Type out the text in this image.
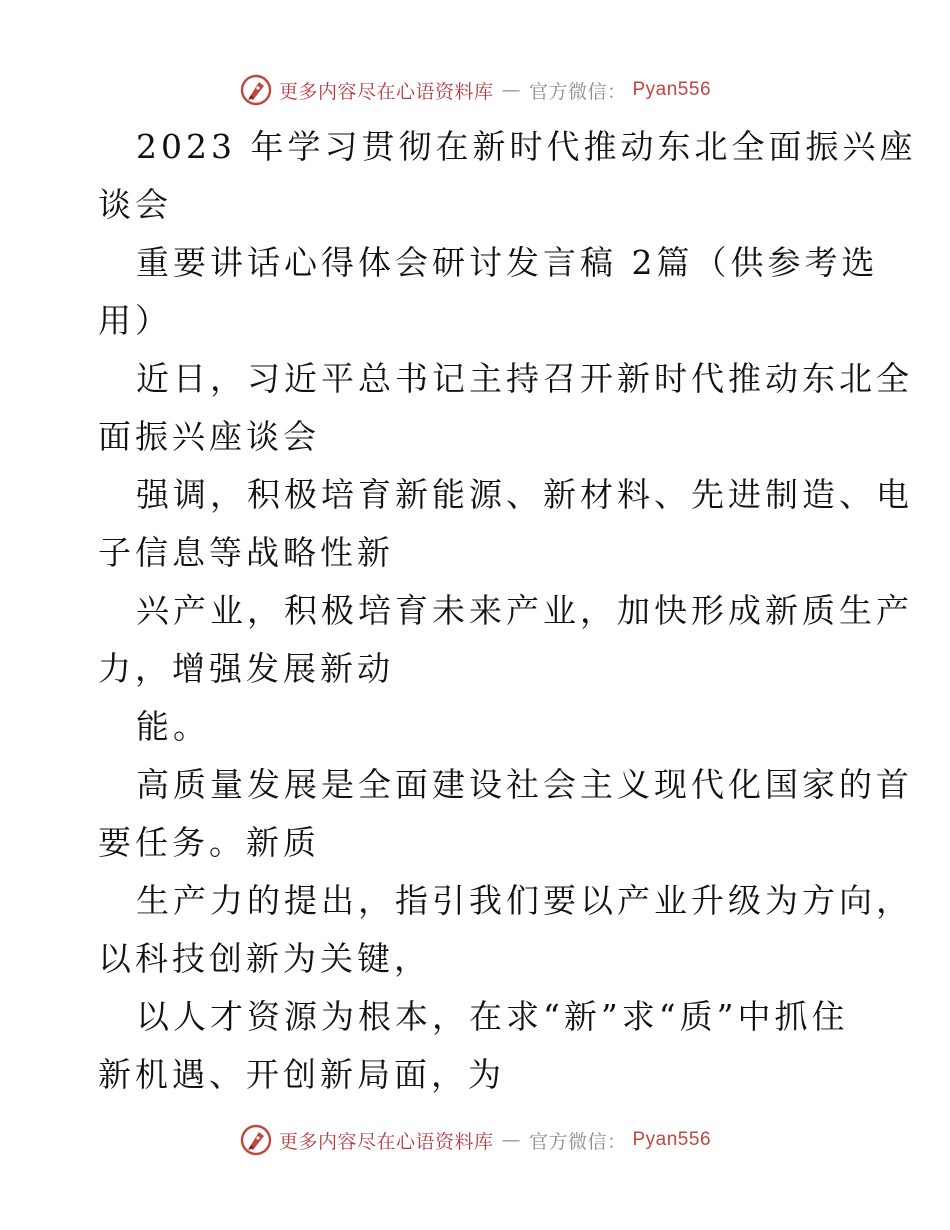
更多内容尽在心语资料库 — 官方微信： Pyan556
2023 年学习贯彻在新时代推动东北全面振兴座
谈会
重要讲话心得体会研讨发言稿 2篇（供参考选
用）
近日，习近平总书记主持召开新时代推动东北全
面振兴座谈会
强调，积极培育新能源、新材料、先进制造、电
子信息等战略性新
兴产业，积极培育未来产业，加快形成新质生产
力，增强发展新动
能。
高质量发展是全面建设社会主义现代化国家的首
要任务。新质
生产力的提出，指引我们要以产业升级为方向，
以科技创新为关键，
以人才资源为根本，在求“新”求“质”中抓住
新机遇、开创新局面，为
更多内容尽在心语资料库 — 官方微信： Pyan556
